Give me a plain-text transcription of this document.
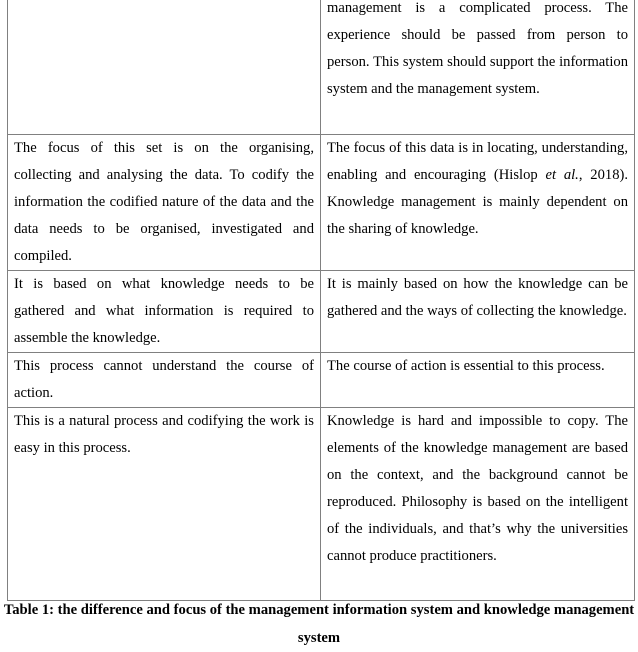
	management is a complicated process. The experience should be passed from person to person. This system should support the information system and the management system.
The focus of this set is on the organising, collecting and analysing the data. To codify the information the codified nature of the data and the data needs to be organised, investigated and compiled.	The focus of this data is in locating, understanding, enabling and encouraging (Hislop et al., 2018). Knowledge management is mainly dependent on the sharing of knowledge.
It is based on what knowledge needs to be gathered and what information is required to assemble the knowledge.	It is mainly based on how the knowledge can be gathered and the ways of collecting the knowledge.
This process cannot understand the course of action.	The course of action is essential to this process.
This is a natural process and codifying the work is easy in this process.	Knowledge is hard and impossible to copy. The elements of the knowledge management are based on the context, and the background cannot be reproduced. Philosophy is based on the intelligent of the individuals, and that’s why the universities cannot produce practitioners.
Table 1: the difference and focus of the management information system and knowledge management system
